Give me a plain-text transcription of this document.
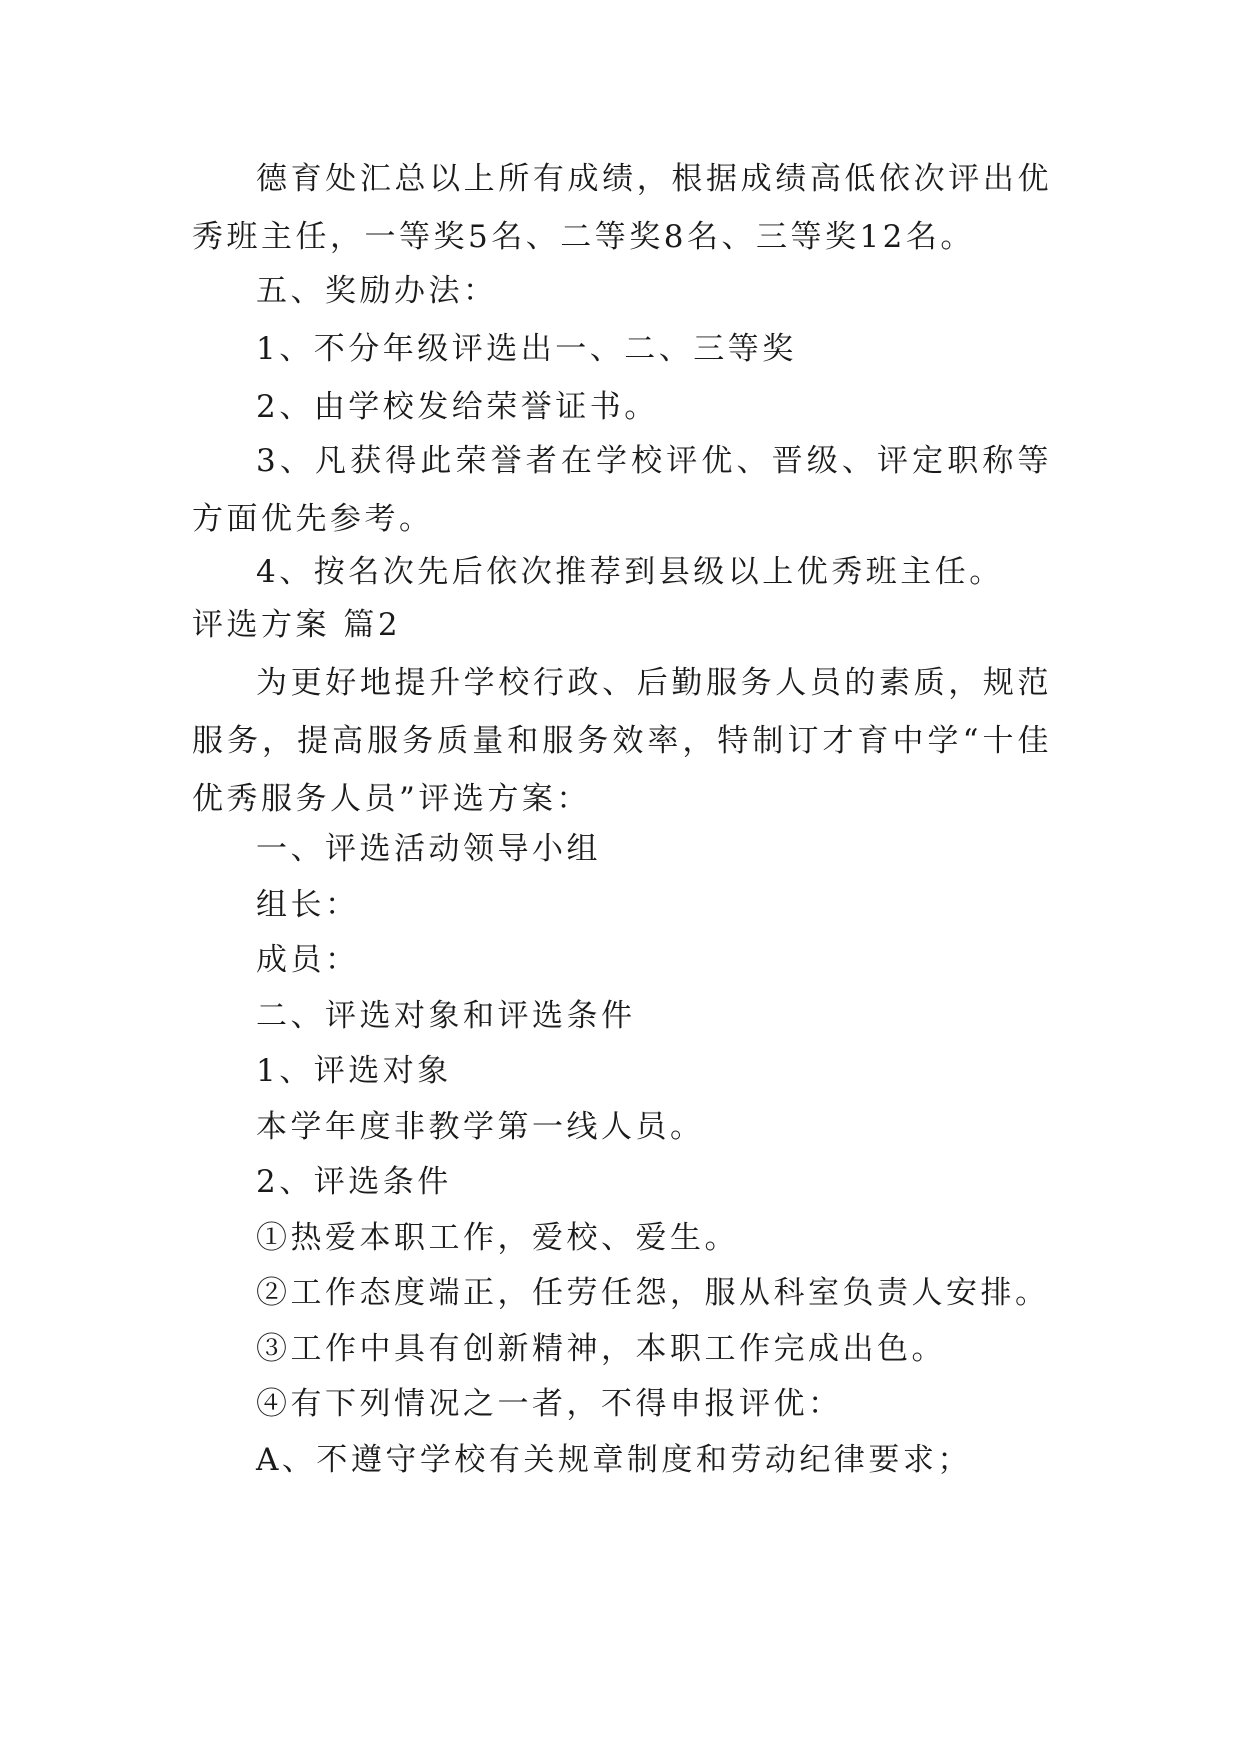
德育处汇总以上所有成绩，根据成绩高低依次评出优秀班主任，一等奖5名、二等奖8名、三等奖12名。

五、奖励办法：

1、不分年级评选出一、二、三等奖

2、由学校发给荣誉证书。

3、凡获得此荣誉者在学校评优、晋级、评定职称等方面优先参考。

4、按名次先后依次推荐到县级以上优秀班主任。

评选方案 篇2

为更好地提升学校行政、后勤服务人员的素质，规范服务，提高服务质量和服务效率，特制订才育中学“十佳优秀服务人员”评选方案：

一、评选活动领导小组

组长：

成员：

二、评选对象和评选条件

1、评选对象

本学年度非教学第一线人员。

2、评选条件

①热爱本职工作，爱校、爱生。

②工作态度端正，任劳任怨，服从科室负责人安排。

③工作中具有创新精神，本职工作完成出色。

④有下列情况之一者，不得申报评优：

A、不遵守学校有关规章制度和劳动纪律要求；
